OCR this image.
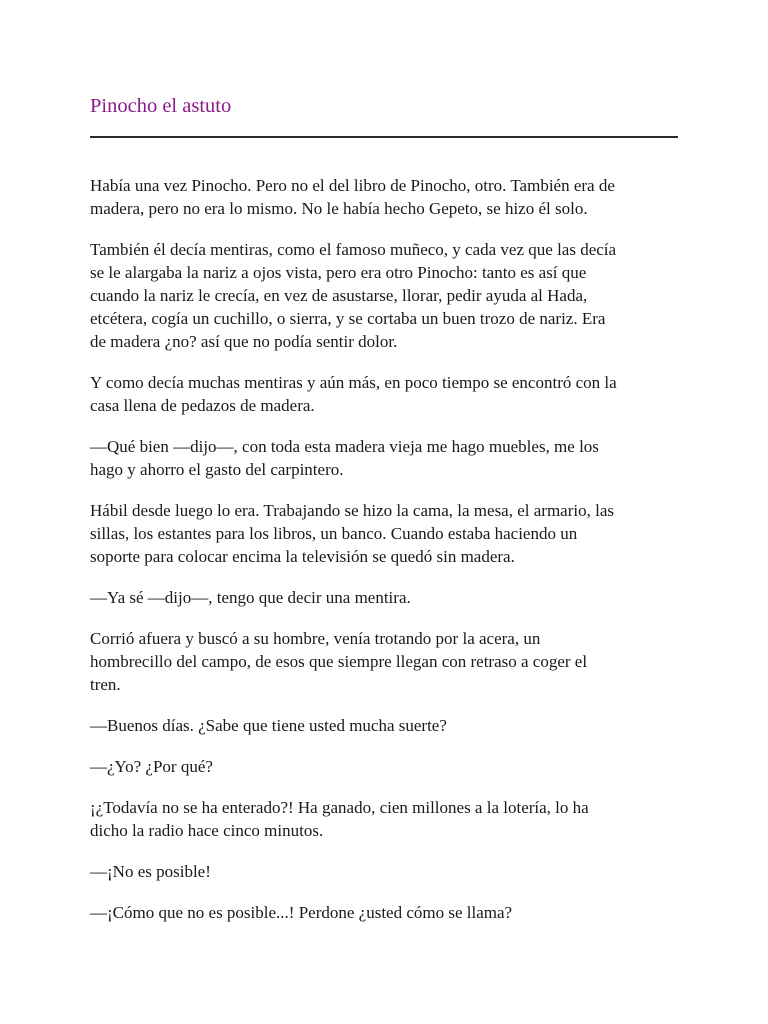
Pinocho el astuto

Había una vez Pinocho. Pero no el del libro de Pinocho, otro. También era de
madera, pero no era lo mismo. No le había hecho Gepeto, se hizo él solo.

También él decía mentiras, como el famoso muñeco, y cada vez que las decía
se le alargaba la nariz a ojos vista, pero era otro Pinocho: tanto es así que
cuando la nariz le crecía, en vez de asustarse, llorar, pedir ayuda al Hada,
etcétera, cogía un cuchillo, o sierra, y se cortaba un buen trozo de nariz. Era
de madera ¿no? así que no podía sentir dolor.

Y como decía muchas mentiras y aún más, en poco tiempo se encontró con la
casa llena de pedazos de madera.

—Qué bien —dijo—, con toda esta madera vieja me hago muebles, me los
hago y ahorro el gasto del carpintero.

Hábil desde luego lo era. Trabajando se hizo la cama, la mesa, el armario, las
sillas, los estantes para los libros, un banco. Cuando estaba haciendo un
soporte para colocar encima la televisión se quedó sin madera.

—Ya sé —dijo—, tengo que decir una mentira.

Corrió afuera y buscó a su hombre, venía trotando por la acera, un
hombrecillo del campo, de esos que siempre llegan con retraso a coger el
tren.

—Buenos días. ¿Sabe que tiene usted mucha suerte?

—¿Yo? ¿Por qué?

¡¿Todavía no se ha enterado?! Ha ganado, cien millones a la lotería, lo ha
dicho la radio hace cinco minutos.

—¡No es posible!

—¡Cómo que no es posible...! Perdone ¿usted cómo se llama?
